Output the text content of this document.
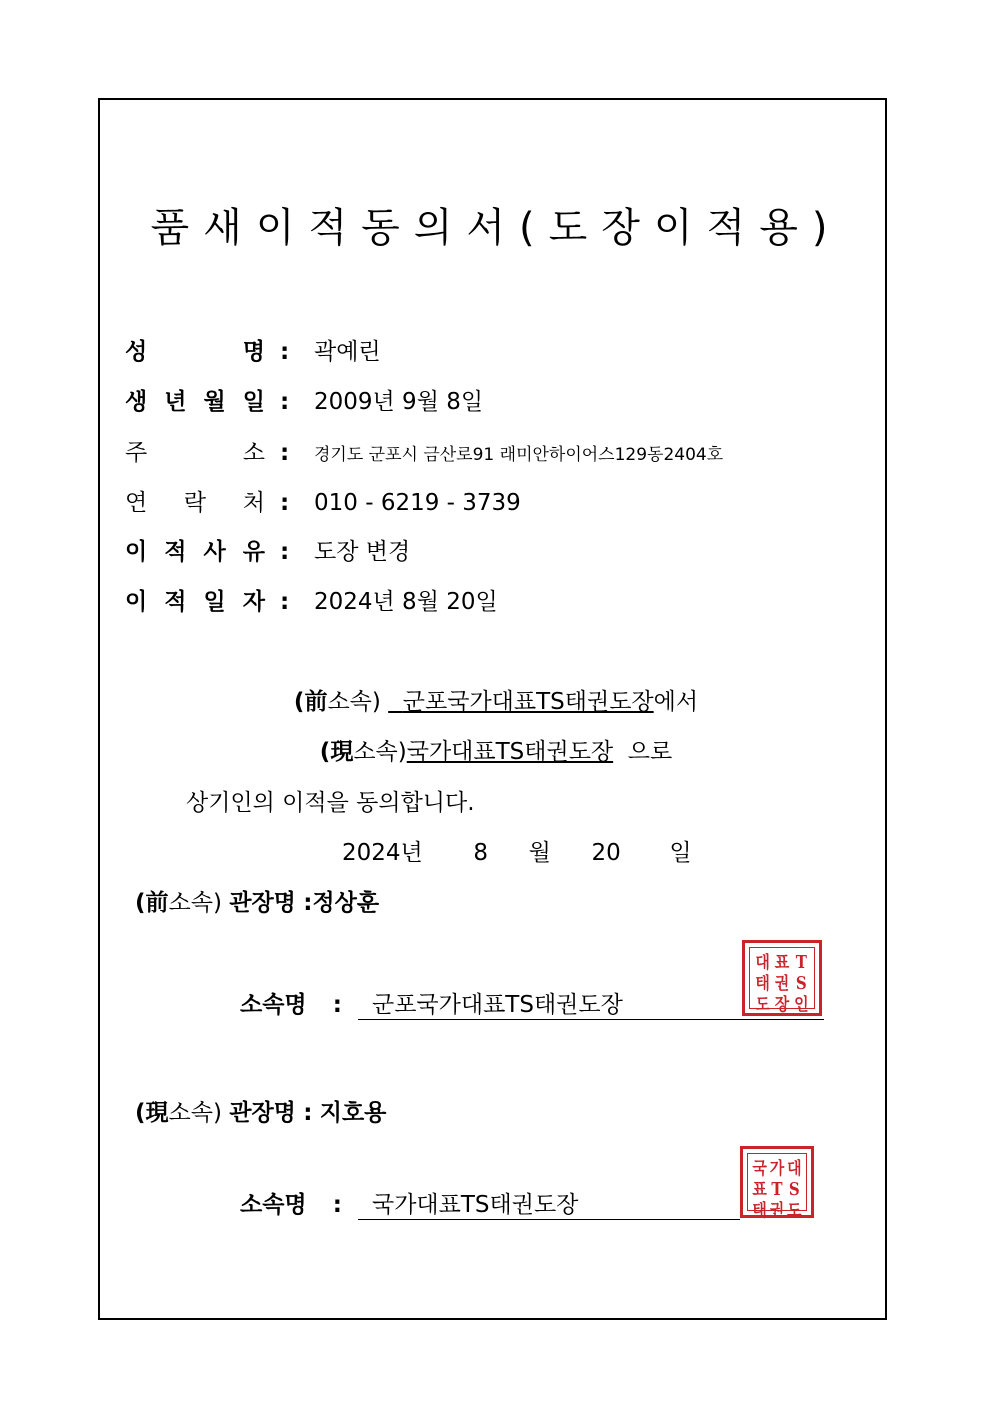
품새이적동의서(도장이적용)
성	명 :	곽예린
생 년 월 일 :	2009년 9월 8일
주	소 :	경기도 군포시 금산로91 래미안하이어스129동2404호
연 락 처 :	010 - 6219 - 3739
이 적 사 유 :	도장 변경
이 적 일 자 :	2024년 8월 20일
(前소속) 군포국가대표TS태권도장에서
(現소속)국가대표TS태권도장 으로
상기인의 이적을 동의합니다.
2024년 8 월 20 일
(前소속) 관장명 :정상훈
소속명 : 군포국가대표TS태권도장
대 표 T
태 권 S
도 장 인
(現소속) 관장명 : 지호용
소속명 : 국가대표TS태권도장
국 가 대
표 T S
태 권 도
